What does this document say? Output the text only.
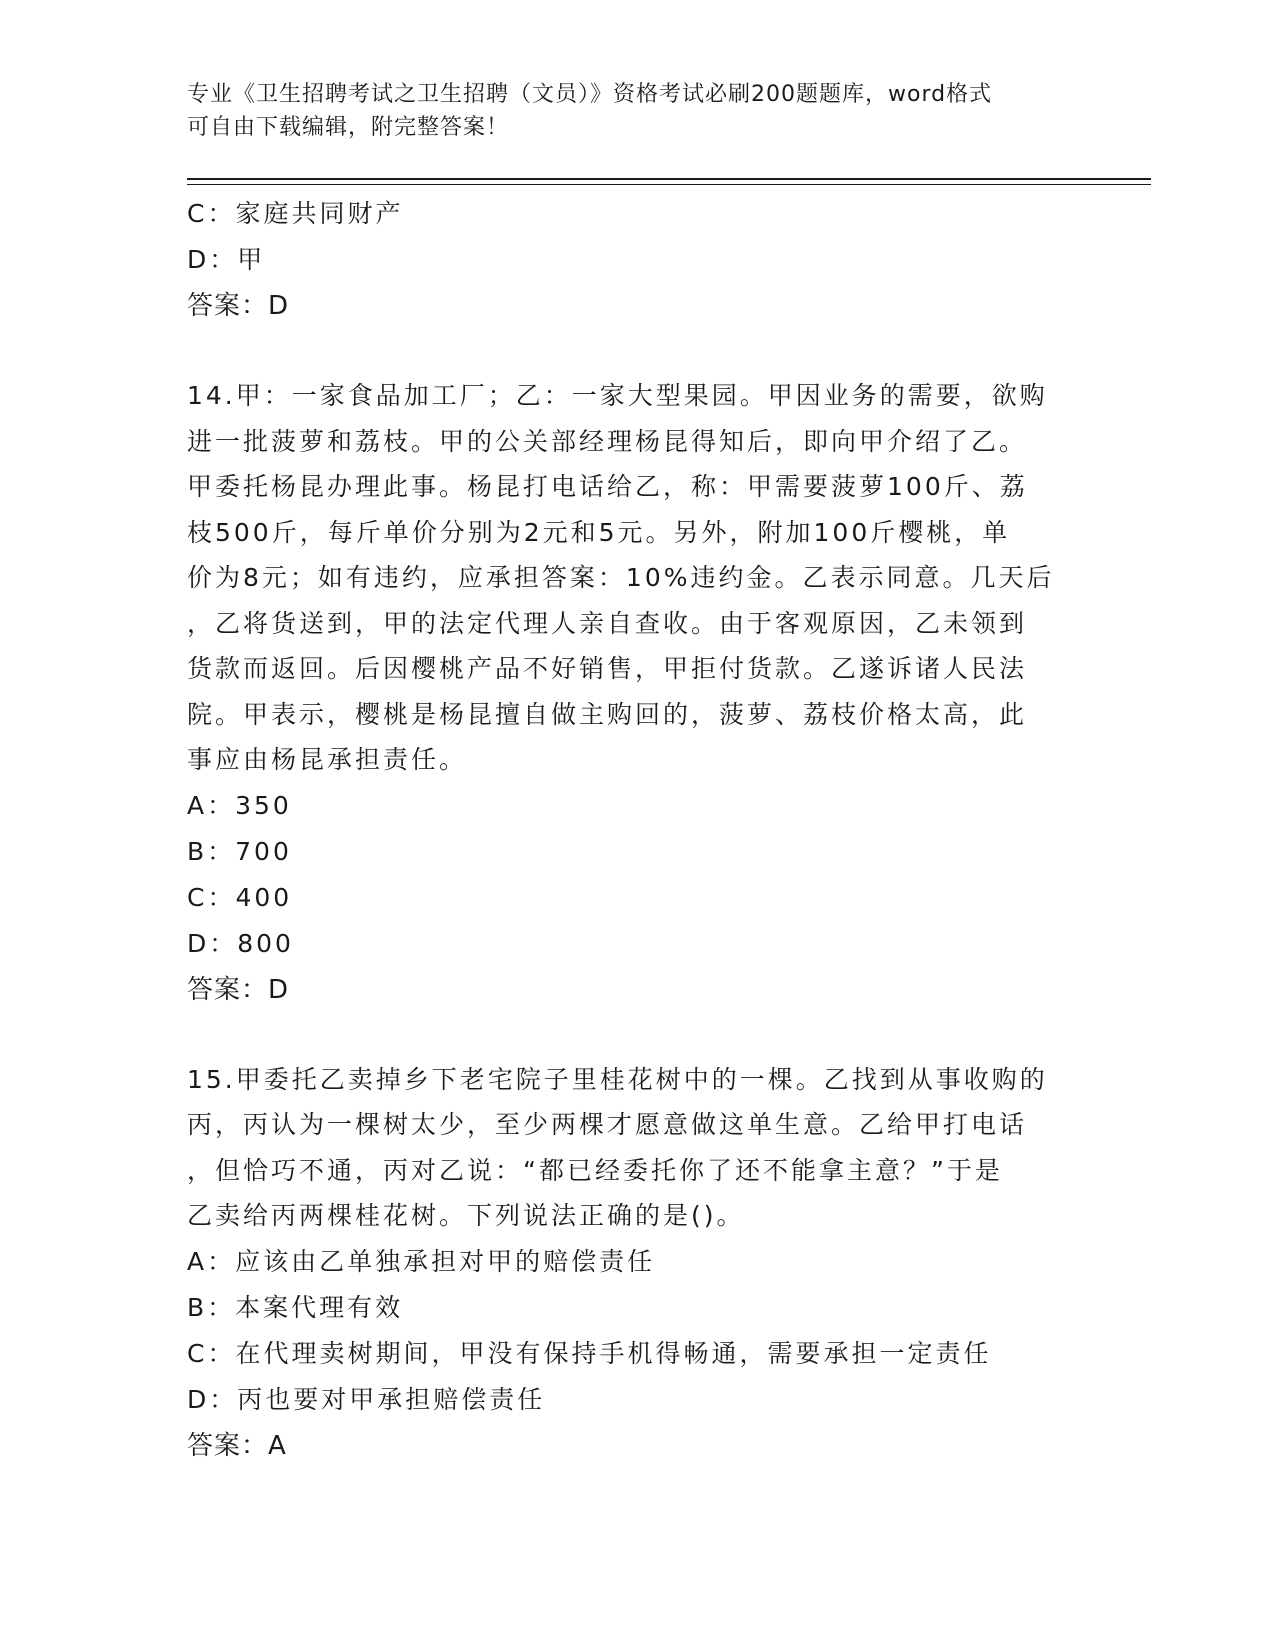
专业《卫生招聘考试之卫生招聘（文员）》资格考试必刷200题题库，word格式
可自由下载编辑，附完整答案！
C：家庭共同财产
D：甲
答案：D
14.甲：一家食品加工厂；乙：一家大型果园。甲因业务的需要，欲购
进一批菠萝和荔枝。甲的公关部经理杨昆得知后，即向甲介绍了乙。
甲委托杨昆办理此事。杨昆打电话给乙，称：甲需要菠萝100斤、荔
枝500斤，每斤单价分别为2元和5元。另外，附加100斤樱桃，单
价为8元；如有违约，应承担答案：10%违约金。乙表示同意。几天后
，乙将货送到，甲的法定代理人亲自查收。由于客观原因，乙未领到
货款而返回。后因樱桃产品不好销售，甲拒付货款。乙遂诉诸人民法
院。甲表示，樱桃是杨昆擅自做主购回的，菠萝、荔枝价格太高，此
事应由杨昆承担责任。
A：350
B：700
C：400
D：800
答案：D
15.甲委托乙卖掉乡下老宅院子里桂花树中的一棵。乙找到从事收购的
丙，丙认为一棵树太少，至少两棵才愿意做这单生意。乙给甲打电话
，但恰巧不通，丙对乙说：“都已经委托你了还不能拿主意？”于是
乙卖给丙两棵桂花树。下列说法正确的是()。
A：应该由乙单独承担对甲的赔偿责任
B：本案代理有效
C：在代理卖树期间，甲没有保持手机得畅通，需要承担一定责任
D：丙也要对甲承担赔偿责任
答案：A
